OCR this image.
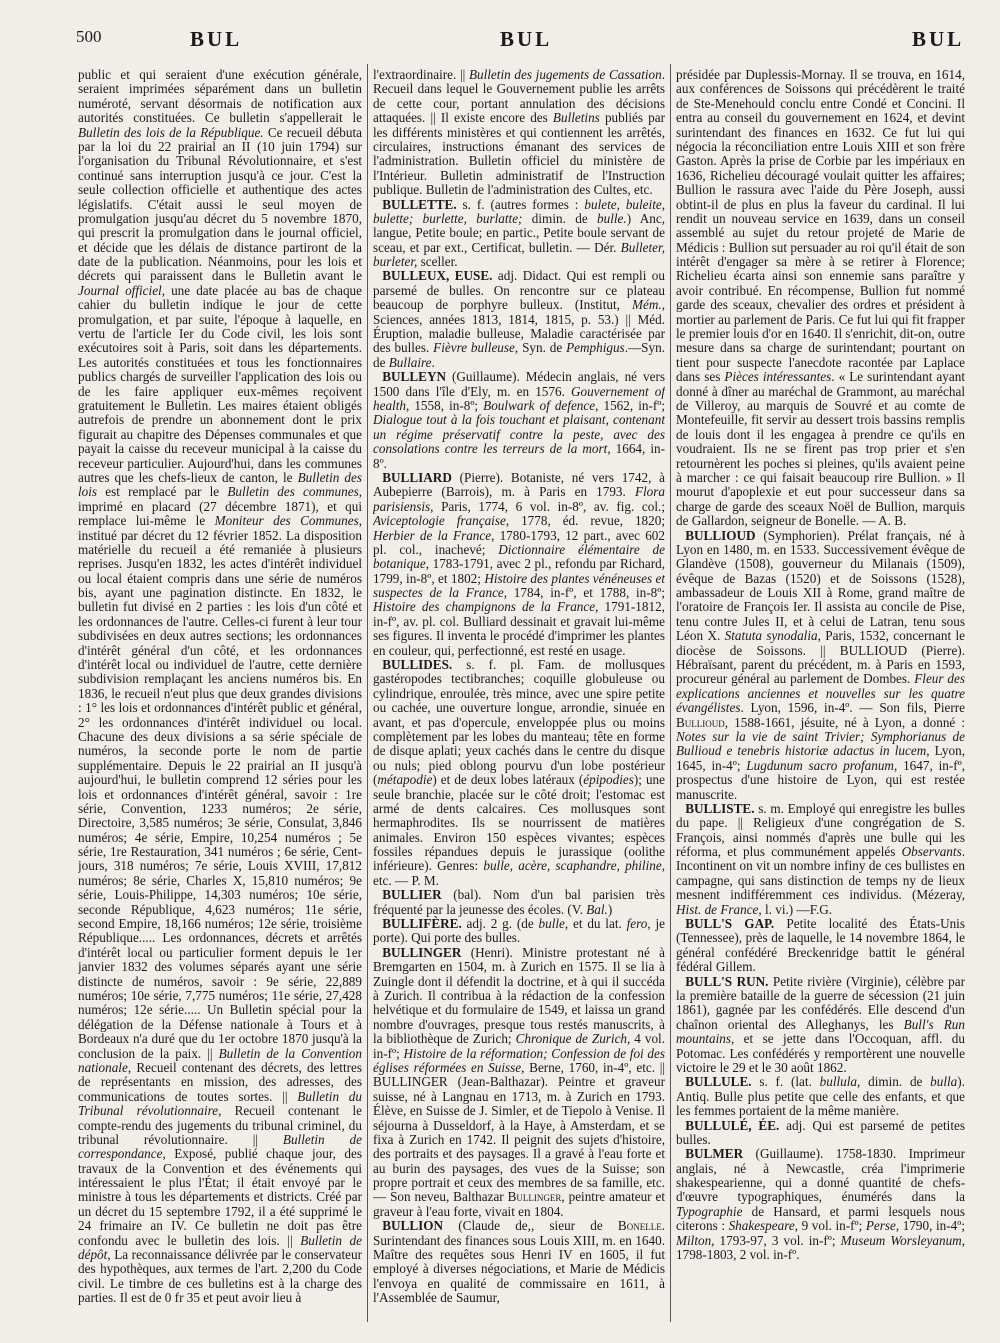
500	BUL	BUL	BUL

public et qui seraient d'une exécution générale, seraient imprimées séparément dans un bulletin numéroté, servant désormais de notification aux autorités constituées. Ce bulletin s'appellerait le Bulletin des lois de la République. Ce recueil débuta par la loi du 22 prairial an II (10 juin 1794) sur l'organisation du Tribunal Révolutionnaire, et s'est continué sans interruption jusqu'à ce jour. C'est la seule collection officielle et authentique des actes législatifs. C'était aussi le seul moyen de promulgation jusqu'au décret du 5 novembre 1870, qui prescrit la promulgation dans le journal officiel, et décide que les délais de distance partiront de la date de la publication. Néanmoins, pour les lois et décrets qui paraissent dans le Bulletin avant le Journal officiel, une date placée au bas de chaque cahier du bulletin indique le jour de cette promulgation, et par suite, l'époque à laquelle, en vertu de l'article Ier du Code civil, les lois sont exécutoires soit à Paris, soit dans les départements. Les autorités constituées et tous les fonctionnaires publics chargés de surveiller l'application des lois ou de les faire appliquer eux-mêmes reçoivent gratuitement le Bulletin. Les maires étaient obligés autrefois de prendre un abonnement dont le prix figurait au chapitre des Dépenses communales et que payait la caisse du receveur municipal à la caisse du receveur particulier. Aujourd'hui, dans les communes autres que les chefs-lieux de canton, le Bulletin des lois est remplacé par le Bulletin des communes, imprimé en placard (27 décembre 1871), et qui remplace lui-même le Moniteur des Communes, institué par décret du 12 février 1852. La disposition matérielle du recueil a été remaniée à plusieurs reprises. Jusqu'en 1832, les actes d'intérêt individuel ou local étaient compris dans une série de numéros bis, ayant une pagination distincte. En 1832, le bulletin fut divisé en 2 parties : les lois d'un côté et les ordonnances de l'autre. Celles-ci furent à leur tour subdivisées en deux autres sections; les ordonnances d'intérêt général d'un côté, et les ordonnances d'intérêt local ou individuel de l'autre, cette dernière subdivision remplaçant les anciens numéros bis. En 1836, le recueil n'eut plus que deux grandes divisions : 1° les lois et ordonnances d'intérêt public et général, 2° les ordonnances d'intérêt individuel ou local. Chacune des deux divisions a sa série spéciale de numéros, la seconde porte le nom de partie supplémentaire. Depuis le 22 prairial an II jusqu'à aujourd'hui, le bulletin comprend 12 séries pour les lois et ordonnances d'intérêt général, savoir : 1re série, Convention, 1233 numéros; 2e série, Directoire, 3,585 numéros; 3e série, Consulat, 3,846 numéros; 4e série, Empire, 10,254 numéros ; 5e série, 1re Restauration, 341 numéros ; 6e série, Cent-jours, 318 numéros; 7e série, Louis XVIII, 17,812 numéros; 8e série, Charles X, 15,810 numéros; 9e série, Louis-Philippe, 14,303 numéros; 10e série, seconde République, 4,623 numéros; 11e série, second Empire, 18,166 numéros; 12e série, troisième République..... Les ordonnances, décrets et arrêtés d'intérêt local ou particulier forment depuis le 1er janvier 1832 des volumes séparés ayant une série distincte de numéros, savoir : 9e série, 22,889 numéros; 10e série, 7,775 numéros; 11e série, 27,428 numéros; 12e série..... Un Bulletin spécial pour la délégation de la Défense nationale à Tours et à Bordeaux n'a duré que du 1er octobre 1870 jusqu'à la conclusion de la paix. || Bulletin de la Convention nationale, Recueil contenant des décrets, des lettres de représentants en mission, des adresses, des communications de toutes sortes. || Bulletin du Tribunal révolutionnaire, Recueil contenant le compte-rendu des jugements du tribunal criminel, du tribunal révolutionnaire. || Bulletin de correspondance, Exposé, publié chaque jour, des travaux de la Convention et des événements qui intéressaient le plus l'État; il était envoyé par le ministre à tous les départements et districts. Créé par un décret du 15 septembre 1792, il a été supprimé le 24 frimaire an IV. Ce bulletin ne doit pas être confondu avec le bulletin des lois. || Bulletin de dépôt, La reconnaissance délivrée par le conservateur des hypothèques, aux termes de l'art. 2,200 du Code civil. Le timbre de ces bulletins est à la charge des parties. Il est de 0 fr 35 et peut avoir lieu à

l'extraordinaire. || Bulletin des jugements de Cassation. Recueil dans lequel le Gouvernement publie les arrêts de cette cour, portant annulation des décisions attaquées. || Il existe encore des Bulletins publiés par les différents ministères et qui contiennent les arrêtés, circulaires, instructions émanant des services de l'administration. Bulletin officiel du ministère de l'Intérieur. Bulletin administratif de l'Instruction publique. Bulletin de l'administration des Cultes, etc.

BULLETTE. s. f. (autres formes : bulete, buleite, bulette; burlette, burlatte; dimin. de bulle.) Anc, langue, Petite boule; en partic., Petite boule servant de sceau, et par ext., Certificat, bulletin. — Dér. Bulleter, burleter, sceller.

BULLEUX, EUSE. adj. Didact. Qui est rempli ou parsemé de bulles. On rencontre sur ce plateau beaucoup de porphyre bulleux. (Institut, Mém., Sciences, années 1813, 1814, 1815, p. 53.) || Méd. Éruption, maladie bulleuse, Maladie caractérisée par des bulles. Fièvre bulleuse, Syn. de Pemphigus.—Syn. de Bullaire.

BULLEYN (Guillaume). Médecin anglais, né vers 1500 dans l'île d'Ely, m. en 1576. Gouvernement of health, 1558, in-8º; Boulwark of defence, 1562, in-fº; Dialogue tout à la fois touchant et plaisant, contenant un régime préservatif contre la peste, avec des consolations contre les terreurs de la mort, 1664, in-8º.

BULLIARD (Pierre). Botaniste, né vers 1742, à Aubepierre (Barrois), m. à Paris en 1793. Flora parisiensis, Paris, 1774, 6 vol. in-8º, av. fig. col.; Aviceptologie française, 1778, éd. revue, 1820; Herbier de la France, 1780-1793, 12 part., avec 602 pl. col., inachevé; Dictionnaire élémentaire de botanique, 1783-1791, avec 2 pl., refondu par Richard, 1799, in-8º, et 1802; Histoire des plantes vénéneuses et suspectes de la France, 1784, in-fº, et 1788, in-8º; Histoire des champignons de la France, 1791-1812, in-fº, av. pl. col. Bulliard dessinait et gravait lui-même ses figures. Il inventa le procédé d'imprimer les plantes en couleur, qui, perfectionné, est resté en usage.

BULLIDES. s. f. pl. Fam. de mollusques gastéropodes tectibranches; coquille globuleuse ou cylindrique, enroulée, très mince, avec une spire petite ou cachée, une ouverture longue, arrondie, sinuée en avant, et pas d'opercule, enveloppée plus ou moins complètement par les lobes du manteau; tête en forme de disque aplati; yeux cachés dans le centre du disque ou nuls; pied oblong pourvu d'un lobe postérieur (métapodie) et de deux lobes latéraux (épipodies); une seule branchie, placée sur le côté droit; l'estomac est armé de dents calcaires. Ces mollusques sont hermaphrodites. Ils se nourrissent de matières animales. Environ 150 espèces vivantes; espèces fossiles répandues depuis le jurassique (oolithe inférieure). Genres: bulle, acère, scaphandre, philine, etc. — P. M.

BULLIER (bal). Nom d'un bal parisien très fréquenté par la jeunesse des écoles. (V. Bal.)

BULLIFÈRE. adj. 2 g. (de bulle, et du lat. fero, je porte). Qui porte des bulles.

BULLINGER (Henri). Ministre protestant né à Bremgarten en 1504, m. à Zurich en 1575. Il se lia à Zuingle dont il défendit la doctrine, et à qui il succéda à Zurich. Il contribua à la rédaction de la confession helvétique et du formulaire de 1549, et laissa un grand nombre d'ouvrages, presque tous restés manuscrits, à la bibliothèque de Zurich; Chronique de Zurich, 4 vol. in-fº; Histoire de la réformation; Confession de foi des églises réformées en Suisse, Berne, 1760, in-4º, etc. || BULLINGER (Jean-Balthazar). Peintre et graveur suisse, né à Langnau en 1713, m. à Zurich en 1793. Élève, en Suisse de J. Simler, et de Tiepolo à Venise. Il séjourna à Dusseldorf, à la Haye, à Amsterdam, et se fixa à Zurich en 1742. Il peignit des sujets d'histoire, des portraits et des paysages. Il a gravé à l'eau forte et au burin des paysages, des vues de la Suisse; son propre portrait et ceux des membres de sa famille, etc. — Son neveu, Balthazar Bullinger, peintre amateur et graveur à l'eau forte, vivait en 1804.

BULLION (Claude de,, sieur de Bonelle. Surintendant des finances sous Louis XIII, m. en 1640. Maître des requêtes sous Henri IV en 1605, il fut employé à diverses négociations, et Marie de Médicis l'envoya en qualité de commissaire en 1611, à l'Assemblée de Saumur,

présidée par Duplessis-Mornay. Il se trouva, en 1614, aux conférences de Soissons qui précédèrent le traité de Ste-Menehould conclu entre Condé et Concini. Il entra au conseil du gouvernement en 1624, et devint surintendant des finances en 1632. Ce fut lui qui négocia la réconciliation entre Louis XIII et son frère Gaston. Après la prise de Corbie par les impériaux en 1636, Richelieu découragé voulait quitter les affaires; Bullion le rassura avec l'aide du Père Joseph, aussi obtint-il de plus en plus la faveur du cardinal. Il lui rendit un nouveau service en 1639, dans un conseil assemblé au sujet du retour projeté de Marie de Médicis : Bullion sut persuader au roi qu'il était de son intérêt d'engager sa mère à se retirer à Florence; Richelieu écarta ainsi son ennemie sans paraître y avoir contribué. En récompense, Bullion fut nommé garde des sceaux, chevalier des ordres et président à mortier au parlement de Paris. Ce fut lui qui fit frapper le premier louis d'or en 1640. Il s'enrichit, dit-on, outre mesure dans sa charge de surintendant; pourtant on tient pour suspecte l'anecdote racontée par Laplace dans ses Pièces intéressantes. « Le surintendant ayant donné à dîner au maréchal de Grammont, au maréchal de Villeroy, au marquis de Souvré et au comte de Montefeuille, fit servir au dessert trois bassins remplis de louis dont il les engagea à prendre ce qu'ils en voudraient. Ils ne se firent pas trop prier et s'en retournèrent les poches si pleines, qu'ils avaient peine à marcher : ce qui faisait beaucoup rire Bullion. » Il mourut d'apoplexie et eut pour successeur dans sa charge de garde des sceaux Noël de Bullion, marquis de Gallardon, seigneur de Bonelle. — A. B.

BULLIOUD (Symphorien). Prélat français, né à Lyon en 1480, m. en 1533. Successivement évêque de Glandève (1508), gouverneur du Milanais (1509), évêque de Bazas (1520) et de Soissons (1528), ambassadeur de Louis XII à Rome, grand maître de l'oratoire de François Ier. Il assista au concile de Pise, tenu contre Jules II, et à celui de Latran, tenu sous Léon X. Statuta synodalia, Paris, 1532, concernant le diocèse de Soissons. || BULLIOUD (Pierre). Hébraïsant, parent du précédent, m. à Paris en 1593, procureur général au parlement de Dombes. Fleur des explications anciennes et nouvelles sur les quatre évangélistes. Lyon, 1596, in-4º. — Son fils, Pierre Bullioud, 1588-1661, jésuite, né à Lyon, a donné : Notes sur la vie de saint Trivier; Symphorianus de Bullioud e tenebris historiæ adactus in lucem, Lyon, 1645, in-4º; Lugdunum sacro profanum, 1647, in-fº, prospectus d'une histoire de Lyon, qui est restée manuscrite.

BULLISTE. s. m. Employé qui enregistre les bulles du pape. || Religieux d'une congrégation de S. François, ainsi nommés d'après une bulle qui les réforma, et plus communément appelés Observants. Incontinent on vit un nombre infiny de ces bullistes en campagne, qui sans distinction de temps ny de lieux mesnent indifféremment ces individus. (Mézeray, Hist. de France, l. vi.) —F.G.

BULL'S GAP. Petite localité des États-Unis (Tennessee), près de laquelle, le 14 novembre 1864, le général confédéré Breckenridge battit le général fédéral Gillem.

BULL'S RUN. Petite rivière (Virginie), célèbre par la première bataille de la guerre de sécession (21 juin 1861), gagnée par les confédérés. Elle descend d'un chaînon oriental des Alleghanys, les Bull's Run mountains, et se jette dans l'Occoquan, affl. du Potomac. Les confédérés y remportèrent une nouvelle victoire le 29 et le 30 août 1862.

BULLULE. s. f. (lat. bullula, dimin. de bulla). Antiq. Bulle plus petite que celle des enfants, et que les femmes portaient de la même manière.

BULLULÉ, ÉE. adj. Qui est parsemé de petites bulles.

BULMER (Guillaume). 1758-1830. Imprimeur anglais, né à Newcastle, créa l'imprimerie shakespearienne, qui a donné quantité de chefs-d'œuvre typographiques, énumérés dans la Typographie de Hansard, et parmi lesquels nous citerons : Shakespeare, 9 vol. in-fº; Perse, 1790, in-4º; Milton, 1793-97, 3 vol. in-fº; Museum Worsleyanum, 1798-1803, 2 vol. in-fº.
